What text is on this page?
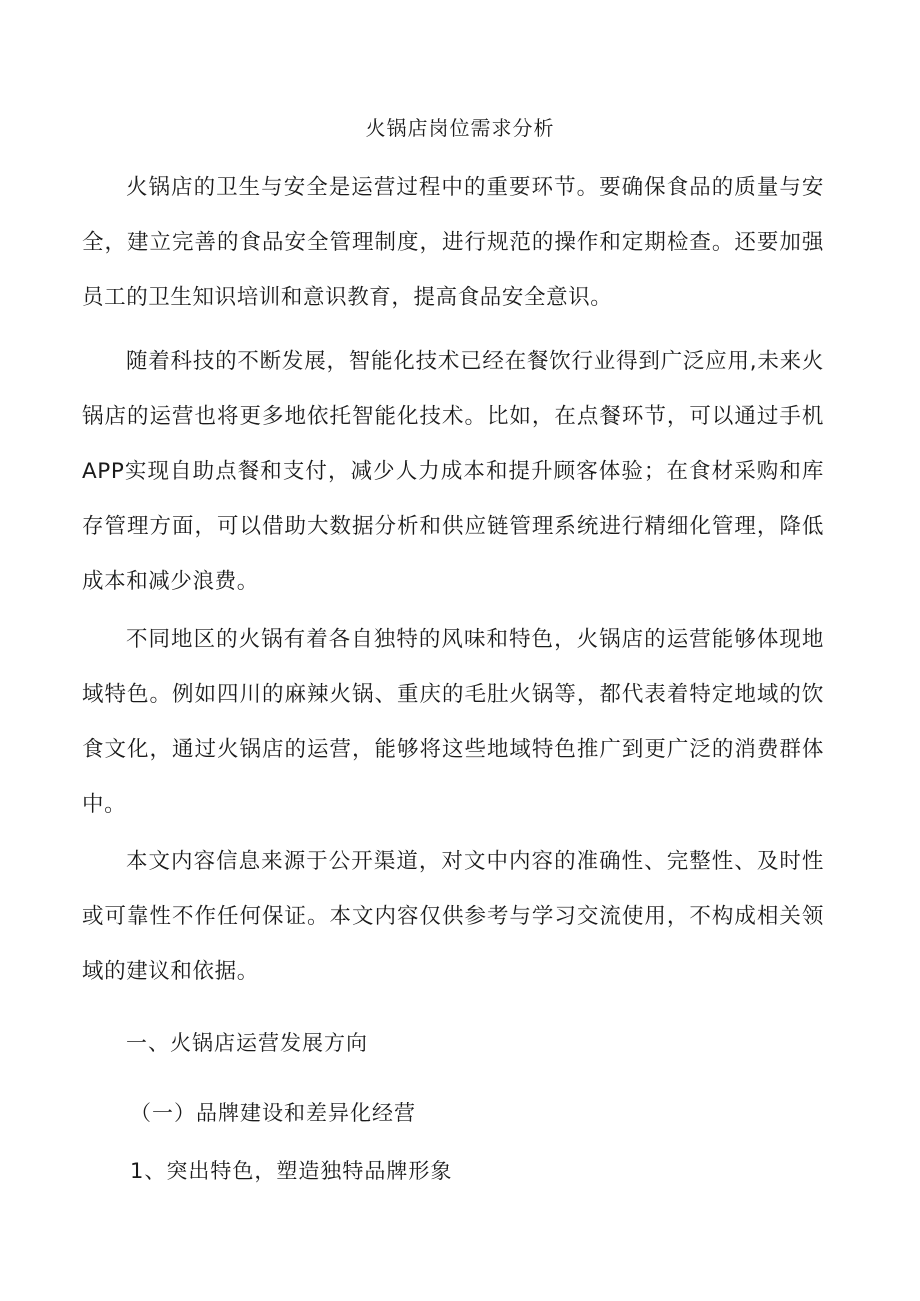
火锅店岗位需求分析

火锅店的卫生与安全是运营过程中的重要环节。要确保食品的质量与安全，建立完善的食品安全管理制度，进行规范的操作和定期检查。还要加强员工的卫生知识培训和意识教育，提高食品安全意识。

随着科技的不断发展，智能化技术已经在餐饮行业得到广泛应用,未来火锅店的运营也将更多地依托智能化技术。比如，在点餐环节，可以通过手机APP实现自助点餐和支付，减少人力成本和提升顾客体验；在食材采购和库存管理方面，可以借助大数据分析和供应链管理系统进行精细化管理，降低成本和减少浪费。

不同地区的火锅有着各自独特的风味和特色，火锅店的运营能够体现地域特色。例如四川的麻辣火锅、重庆的毛肚火锅等，都代表着特定地域的饮食文化，通过火锅店的运营，能够将这些地域特色推广到更广泛的消费群体中。

本文内容信息来源于公开渠道，对文中内容的准确性、完整性、及时性或可靠性不作任何保证。本文内容仅供参考与学习交流使用，不构成相关领域的建议和依据。

一、火锅店运营发展方向
（一）品牌建设和差异化经营
1、突出特色，塑造独特品牌形象
